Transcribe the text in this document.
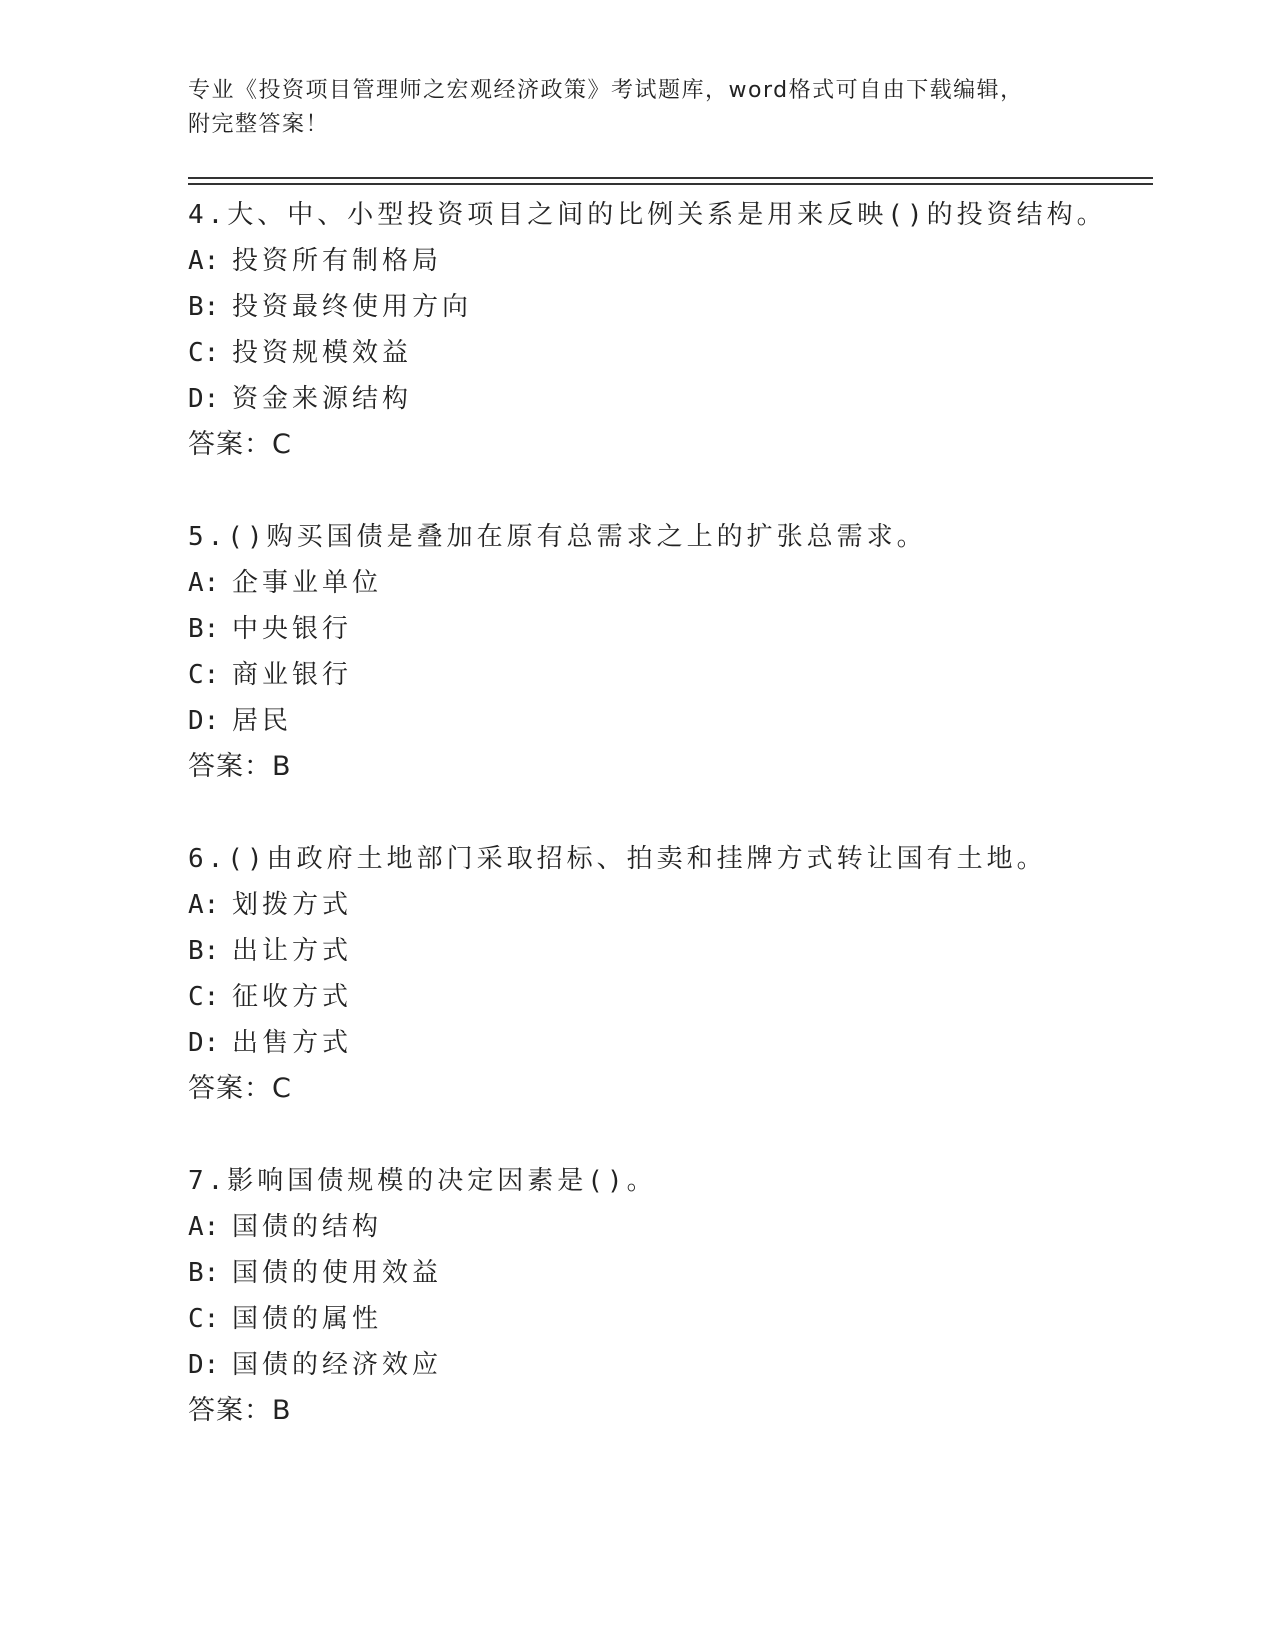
专业《投资项目管理师之宏观经济政策》考试题库，word格式可自由下载编辑，
附完整答案！
4.大、中、小型投资项目之间的比例关系是用来反映()的投资结构。
A: 投资所有制格局
B: 投资最终使用方向
C: 投资规模效益
D: 资金来源结构
答案：C
5.()购买国债是叠加在原有总需求之上的扩张总需求。
A: 企事业单位
B: 中央银行
C: 商业银行
D: 居民
答案：B
6.()由政府土地部门采取招标、拍卖和挂牌方式转让国有土地。
A: 划拨方式
B: 出让方式
C: 征收方式
D: 出售方式
答案：C
7.影响国债规模的决定因素是()。
A: 国债的结构
B: 国债的使用效益
C: 国债的属性
D: 国债的经济效应
答案：B
